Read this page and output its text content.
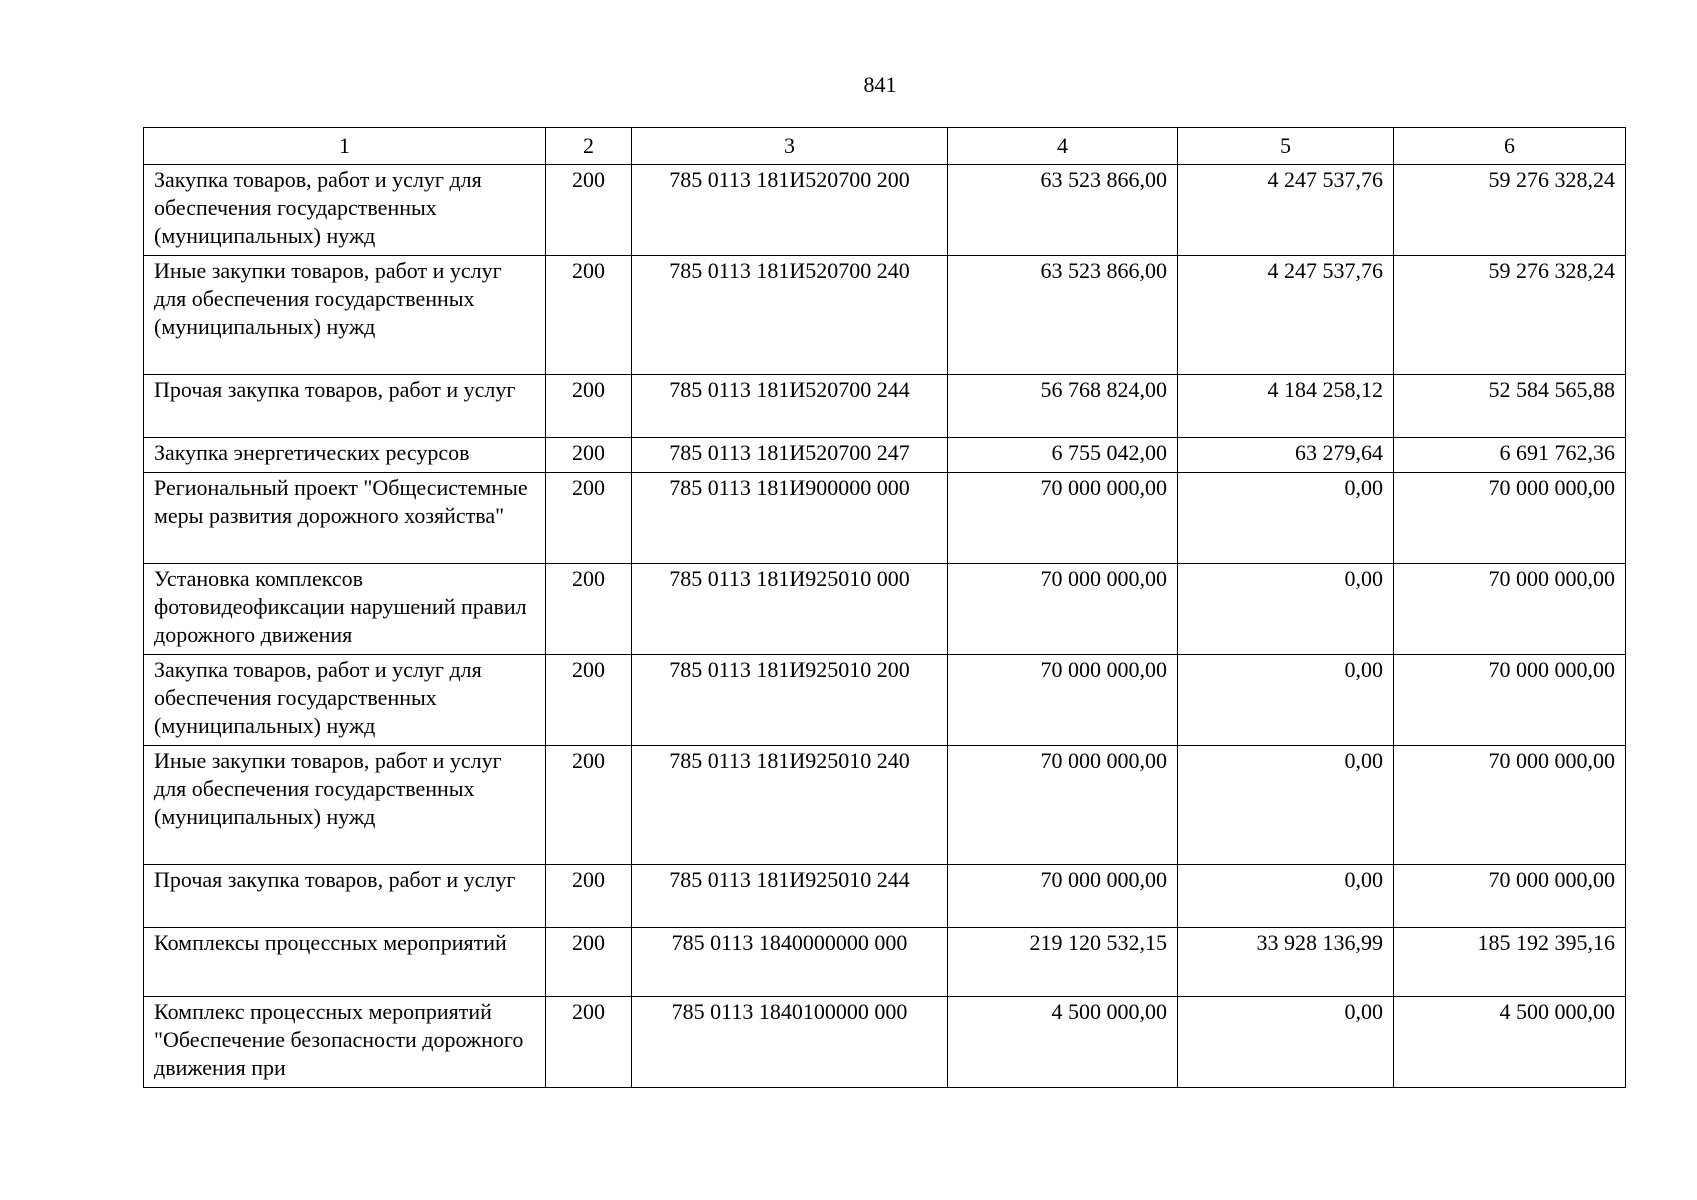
841
1	2	3	4	5	6
Закупка товаров, работ и услуг для обеспечения государственных (муниципальных) нужд	200	785 0113 181И520700 200	63 523 866,00	4 247 537,76	59 276 328,24
Иные закупки товаров, работ и услуг для обеспечения государственных (муниципальных) нужд	200	785 0113 181И520700 240	63 523 866,00	4 247 537,76	59 276 328,24
Прочая закупка товаров, работ и услуг	200	785 0113 181И520700 244	56 768 824,00	4 184 258,12	52 584 565,88
Закупка энергетических ресурсов	200	785 0113 181И520700 247	6 755 042,00	63 279,64	6 691 762,36
Региональный проект "Общесистемные меры развития дорожного хозяйства"	200	785 0113 181И900000 000	70 000 000,00	0,00	70 000 000,00
Установка комплексов фотовидеофиксации нарушений правил дорожного движения	200	785 0113 181И925010 000	70 000 000,00	0,00	70 000 000,00
Закупка товаров, работ и услуг для обеспечения государственных (муниципальных) нужд	200	785 0113 181И925010 200	70 000 000,00	0,00	70 000 000,00
Иные закупки товаров, работ и услуг для обеспечения государственных (муниципальных) нужд	200	785 0113 181И925010 240	70 000 000,00	0,00	70 000 000,00
Прочая закупка товаров, работ и услуг	200	785 0113 181И925010 244	70 000 000,00	0,00	70 000 000,00
Комплексы процессных мероприятий	200	785 0113 1840000000 000	219 120 532,15	33 928 136,99	185 192 395,16
Комплекс процессных мероприятий "Обеспечение безопасности дорожного движения при	200	785 0113 1840100000 000	4 500 000,00	0,00	4 500 000,00
